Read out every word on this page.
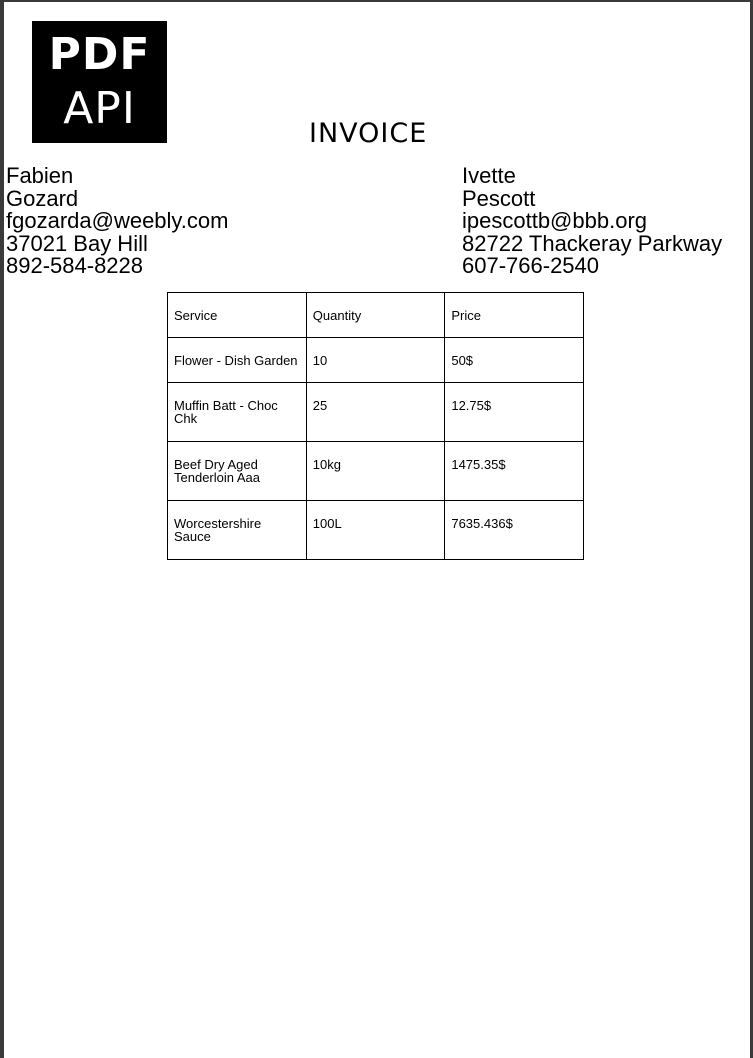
PDF
API	INVOICE
Fabien
Gozard
fgozarda@weebly.com
37021 Bay Hill
892-584-8228
Ivette
Pescott
ipescottb@bbb.org
82722 Thackeray Parkway
607-766-2540
Service	Quantity	Price
Flower - Dish Garden	10	50$
Muffin Batt - Choc Chk	25	12.75$
Beef Dry Aged Tenderloin Aaa	10kg	1475.35$
Worcestershire Sauce	100L	7635.436$
